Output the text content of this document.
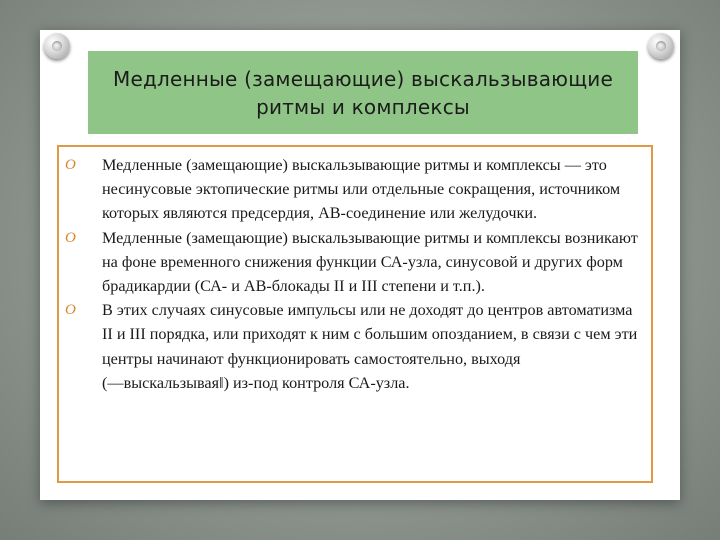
Медленные (замещающие) выскальзывающие
ритмы и комплексы
O Медленные (замещающие) выскальзывающие ритмы и комплексы — это несинусовые эктопические ритмы или отдельные сокращения, источником которых являются предсердия, АВ-соединение или желудочки.
O Медленные (замещающие) выскальзывающие ритмы и комплексы возникают на фоне временного снижения функции СА-узла, синусовой и других форм брадикардии (СА- и АВ-блокады II и III степени и т.п.).
O В этих случаях синусовые импульсы или не доходят до центров автоматизма II и III порядка, или приходят к ним с большим опозданием, в связи с чем эти центры начинают функционировать самостоятельно, выходя (―выскальзываяǁ) из-под контроля СА-узла.
